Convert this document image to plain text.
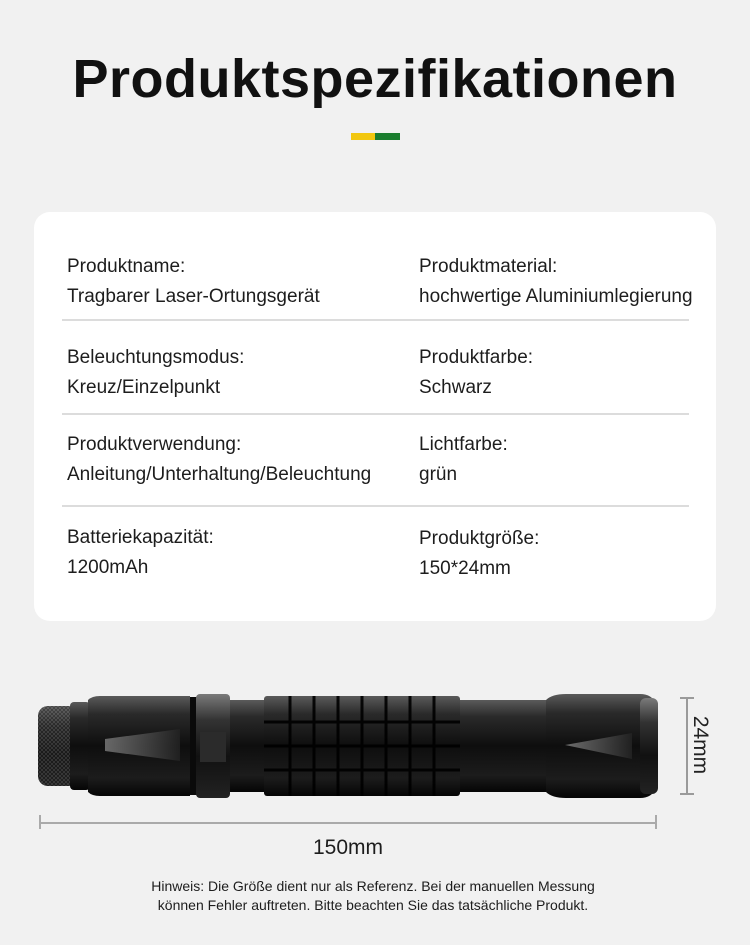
Produktspezifikationen
Produktname:
Tragbarer Laser-Ortungsgerät
Produktmaterial:
hochwertige Aluminiumlegierung
Beleuchtungsmodus:
Kreuz/Einzelpunkt
Produktfarbe:
Schwarz
Produktverwendung:
Anleitung/Unterhaltung/Beleuchtung
Lichtfarbe:
grün
Batteriekapazität:
1200mAh
Produktgröße:
150*24mm
24mm
150mm
Hinweis: Die Größe dient nur als Referenz. Bei der manuellen Messung
können Fehler auftreten. Bitte beachten Sie das tatsächliche Produkt.
